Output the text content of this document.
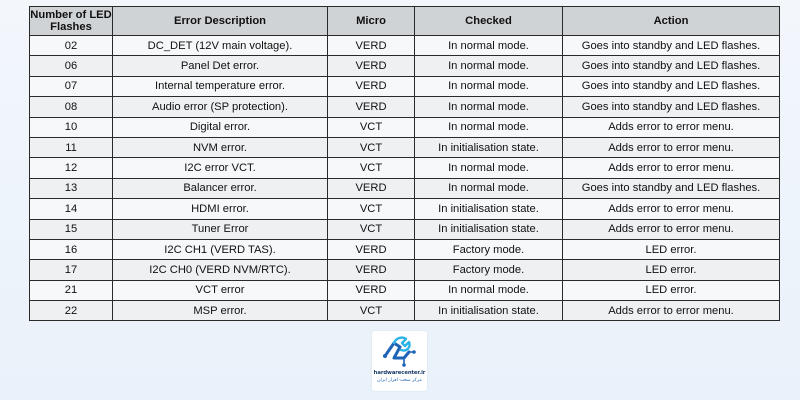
Number of LED Flashes	Error Description	Micro	Checked	Action
02	DC_DET (12V main voltage).	VERD	In normal mode.	Goes into standby and LED flashes.
06	Panel Det error.	VERD	In normal mode.	Goes into standby and LED flashes.
07	Internal temperature error.	VERD	In normal mode.	Goes into standby and LED flashes.
08	Audio error (SP protection).	VERD	In normal mode.	Goes into standby and LED flashes.
10	Digital error.	VCT	In normal mode.	Adds error to error menu.
11	NVM error.	VCT	In initialisation state.	Adds error to error menu.
12	I2C error VCT.	VCT	In normal mode.	Adds error to error menu.
13	Balancer error.	VERD	In normal mode.	Goes into standby and LED flashes.
14	HDMI error.	VCT	In initialisation state.	Adds error to error menu.
15	Tuner Error	VCT	In initialisation state.	Adds error to error menu.
16	I2C CH1 (VERD TAS).	VERD	Factory mode.	LED error.
17	I2C CH0 (VERD NVM/RTC).	VERD	Factory mode.	LED error.
21	VCT error	VERD	In normal mode.	LED error.
22	MSP error.	VCT	In initialisation state.	Adds error to error menu.
hardwarecenter.ir
مرکز سخت افزار ایران
